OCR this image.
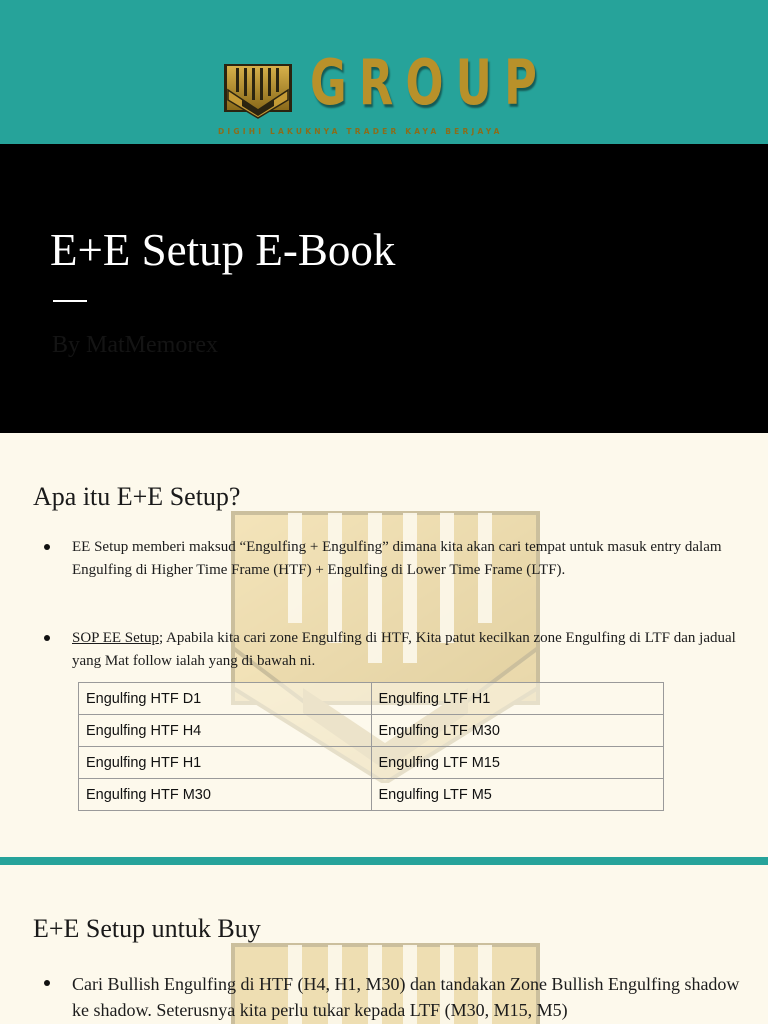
GROUP
DIGIHI LAKUKNYA TRADER KAYA BERJAYA
E+E Setup E-Book
By MatMemorex
Apa itu E+E Setup?
EE Setup memberi maksud “Engulfing + Engulfing” dimana kita akan cari tempat untuk masuk entry dalam Engulfing di Higher Time Frame (HTF) + Engulfing di Lower Time Frame (LTF).
SOP EE Setup; Apabila kita cari zone Engulfing di HTF, Kita patut kecilkan zone Engulfing di LTF dan jadual yang Mat follow ialah yang di bawah ni.
Engulfing HTF D1	Engulfing LTF H1
Engulfing HTF H4	Engulfing LTF M30
Engulfing HTF H1	Engulfing LTF M15
Engulfing HTF M30	Engulfing LTF M5
E+E Setup untuk Buy
Cari Bullish Engulfing di HTF (H4, H1, M30) dan tandakan Zone Bullish Engulfing shadow ke shadow. Seterusnya kita perlu tukar kepada LTF (M30, M15, M5)
